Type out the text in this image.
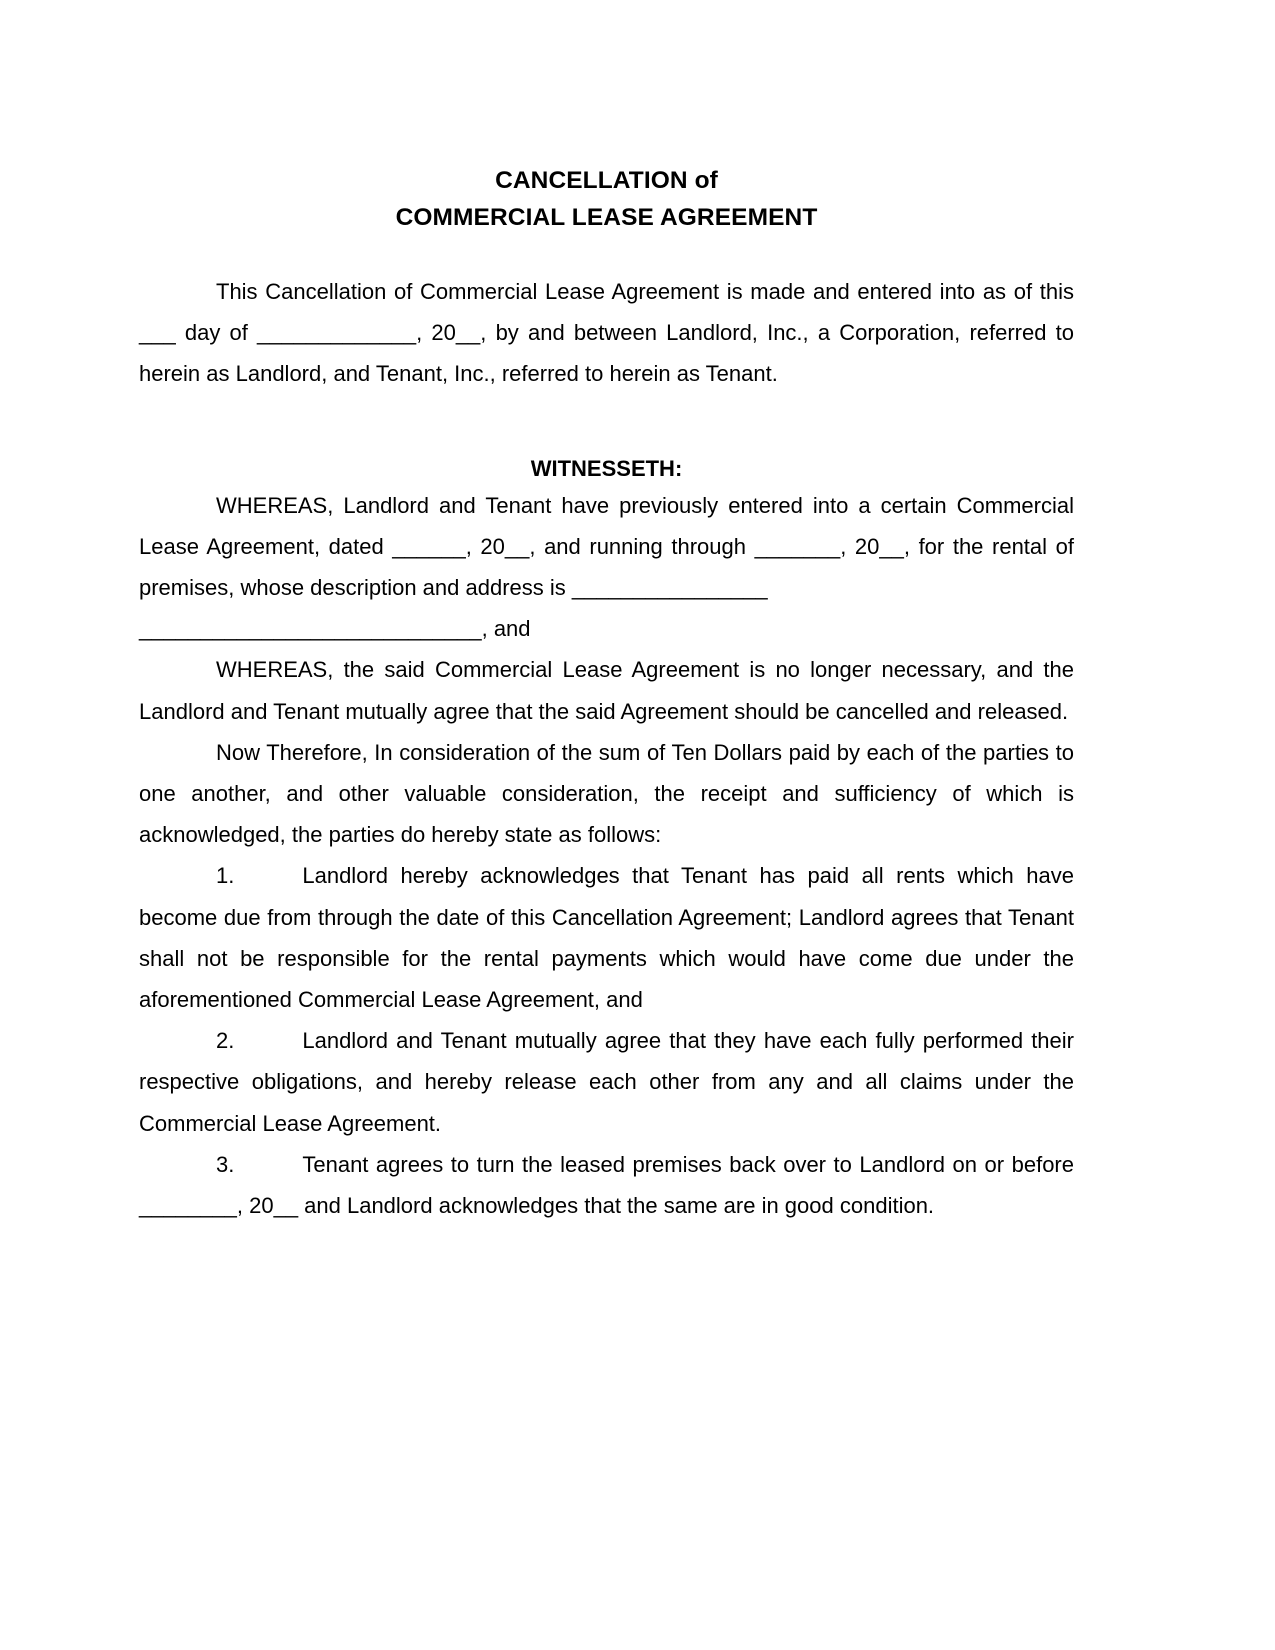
CANCELLATION of
COMMERCIAL LEASE AGREEMENT

This Cancellation of Commercial Lease Agreement is made and entered into as of this ___ day of _____________, 20__, by and between Landlord, Inc., a Corporation, referred to herein as Landlord, and Tenant, Inc., referred to herein as Tenant.

WITNESSETH:

WHEREAS, Landlord and Tenant have previously entered into a certain Commercial Lease Agreement, dated ______, 20__, and running through _______, 20__, for the rental of premises, whose description and address is ________________

____________________________, and

WHEREAS, the said Commercial Lease Agreement is no longer necessary, and the Landlord and Tenant mutually agree that the said Agreement should be cancelled and released.

Now Therefore, In consideration of the sum of Ten Dollars paid by each of the parties to one another, and other valuable consideration, the receipt and sufficiency of which is acknowledged, the parties do hereby state as follows:

1.	Landlord hereby acknowledges that Tenant has paid all rents which have become due from through the date of this Cancellation Agreement; Landlord agrees that Tenant shall not be responsible for the rental payments which would have come due under the aforementioned Commercial Lease Agreement, and

2.	Landlord and Tenant mutually agree that they have each fully performed their respective obligations, and hereby release each other from any and all claims under the Commercial Lease Agreement.

3.	Tenant agrees to turn the leased premises back over to Landlord on or before ________, 20__ and Landlord acknowledges that the same are in good condition.
